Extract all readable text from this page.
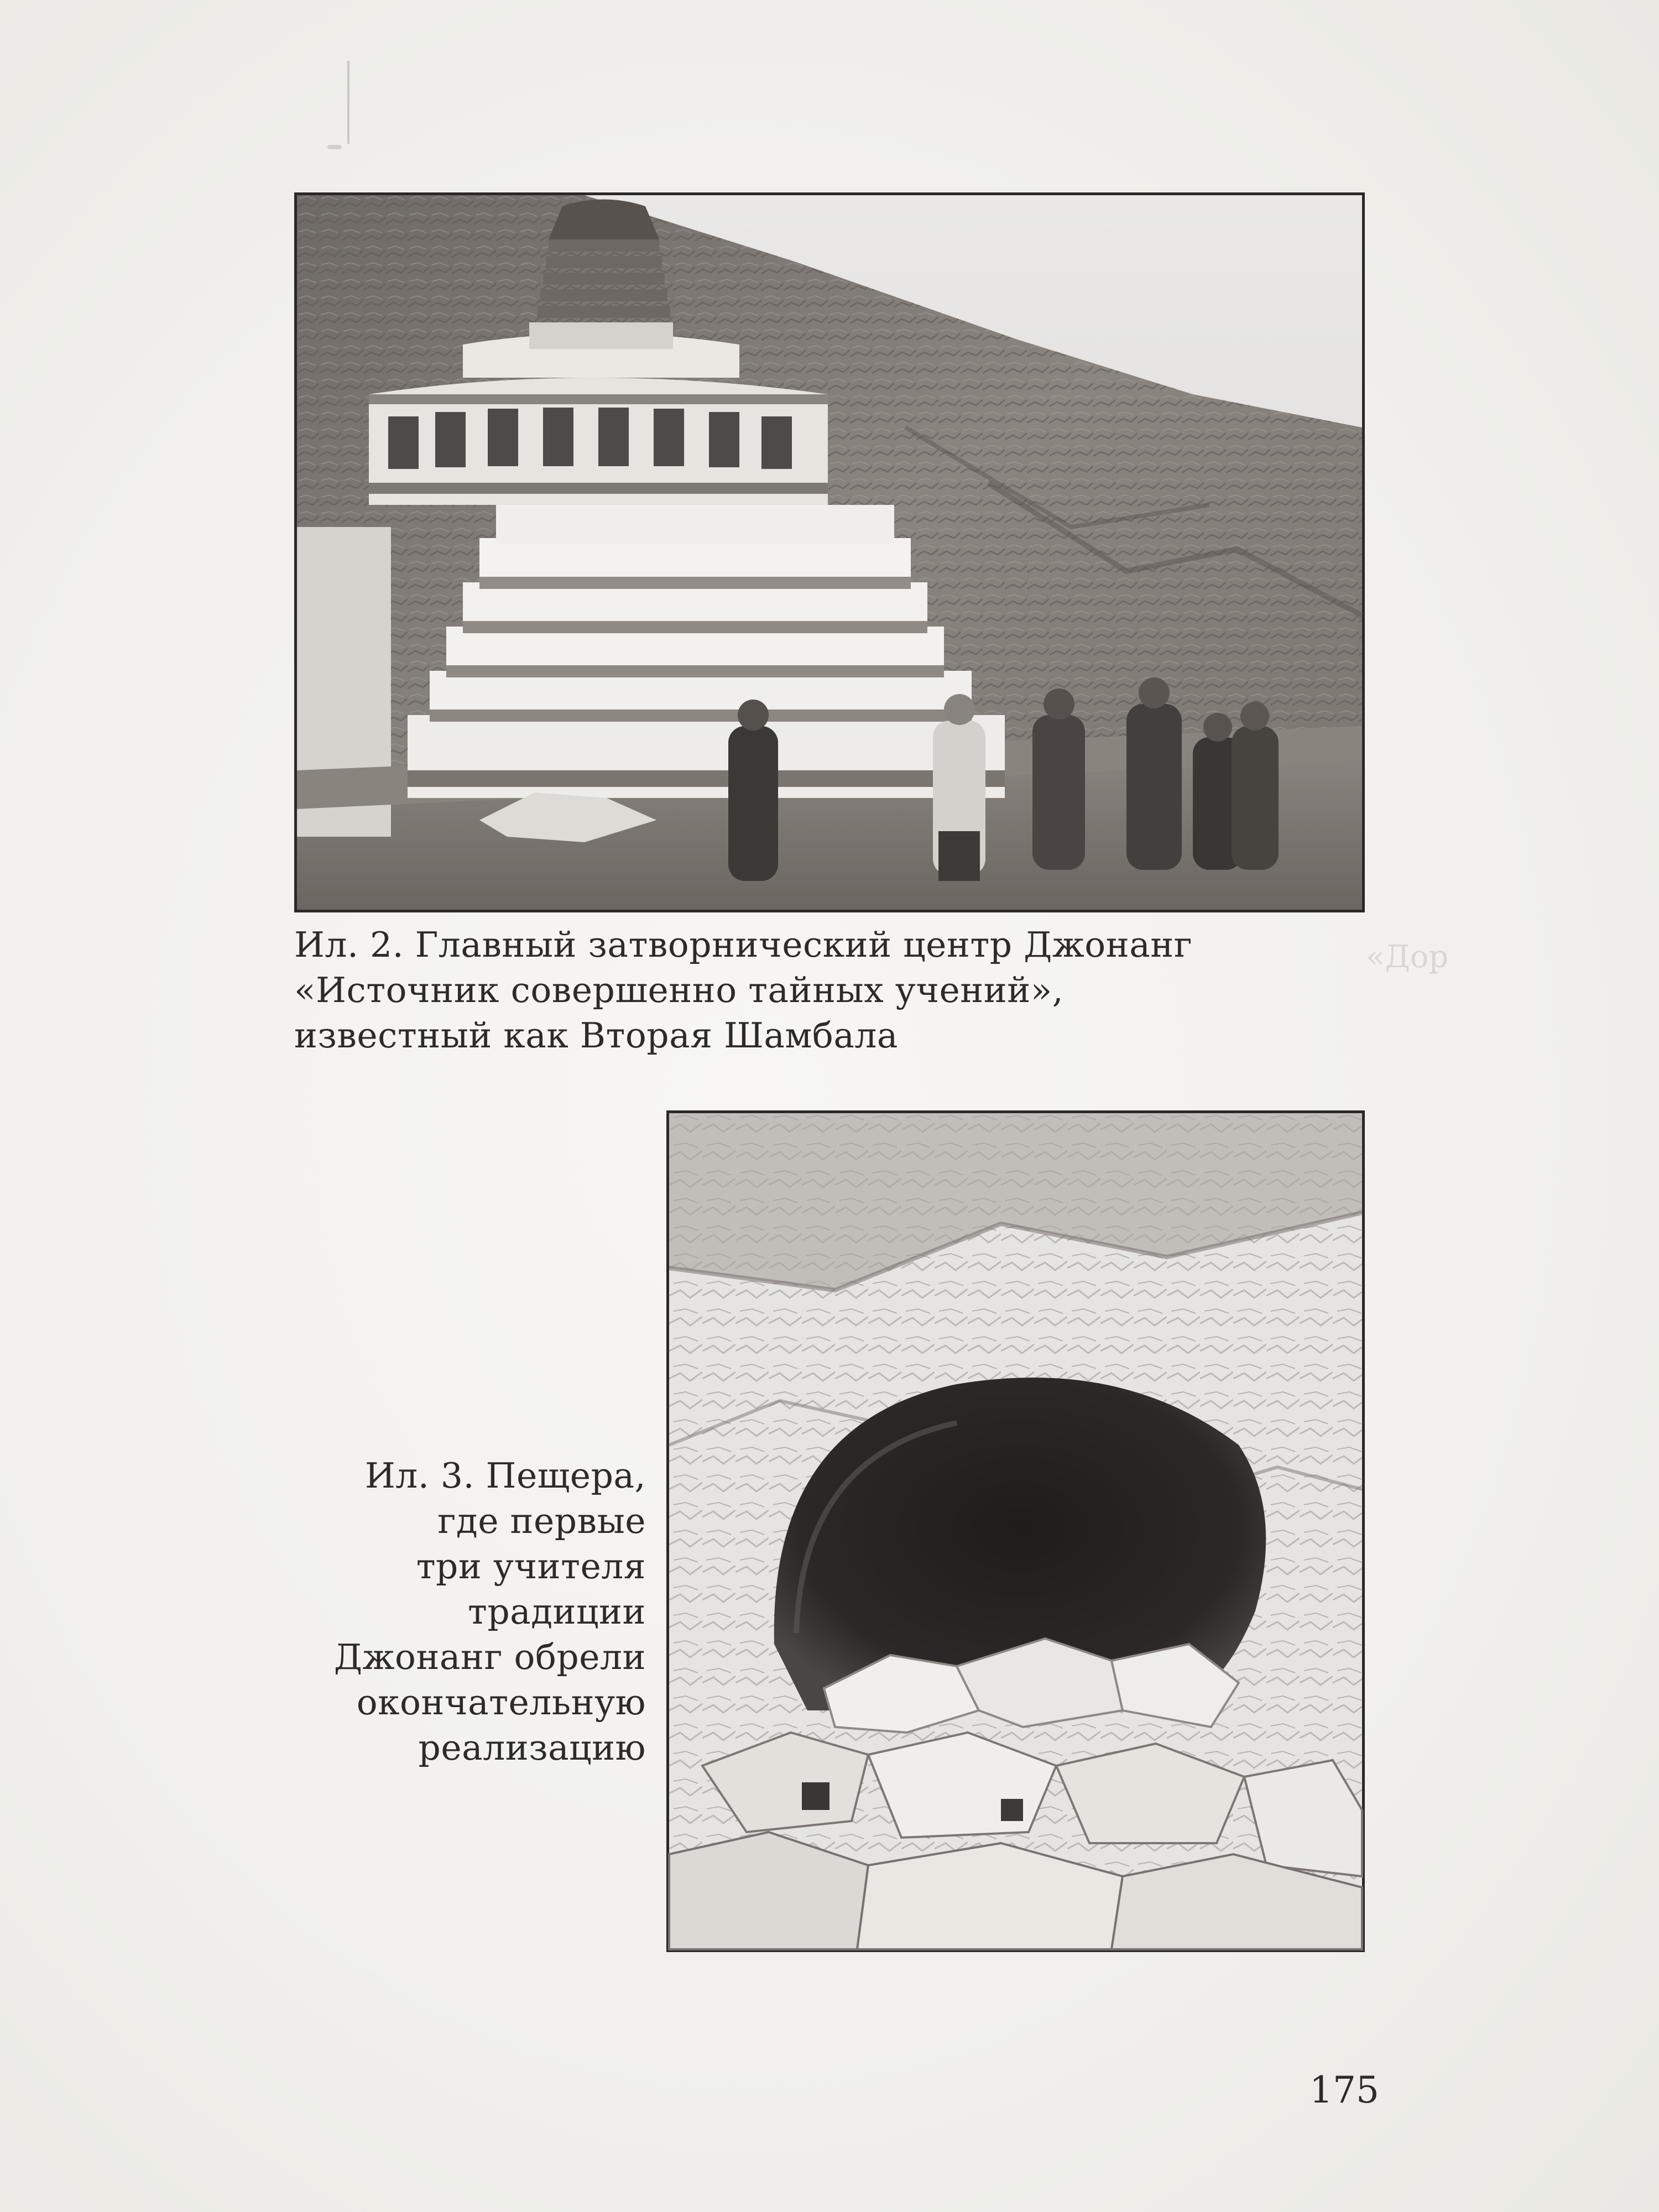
Ил. 2. Главный затворнический центр Джонанг

«Источник совершенно тайных учений»,

известный как Вторая Шамбала

«Дор

Ил. 3. Пещера,

где первые

три учителя

традиции

Джонанг обрели

окончательную

реализацию

175
